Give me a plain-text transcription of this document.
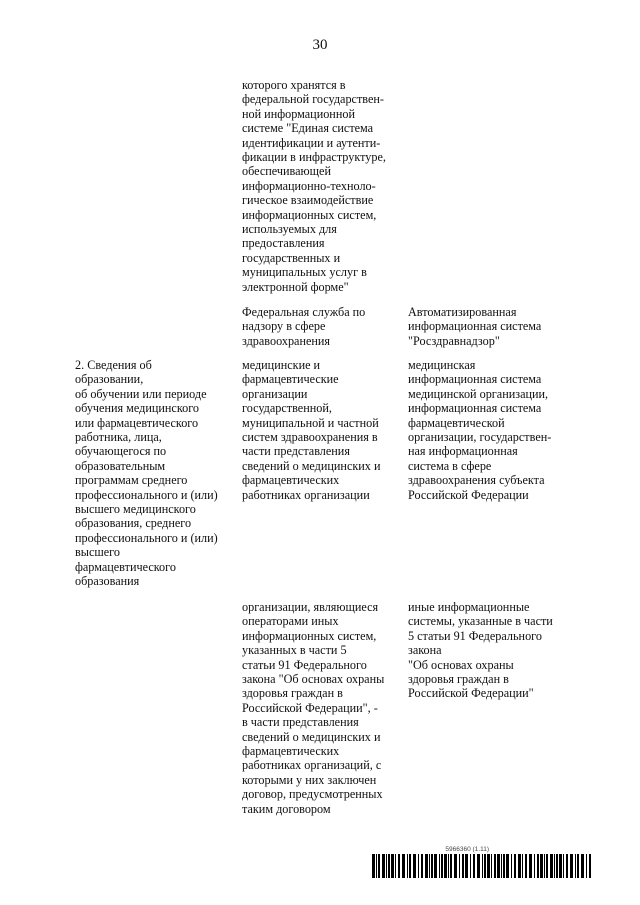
30
которого хранятся в
федеральной государствен-
ной информационной
системе "Единая система
идентификации и аутенти-
фикации в инфраструктуре,
обеспечивающей
информационно-техноло-
гическое взаимодействие
информационных систем,
используемых для
предоставления
государственных и
муниципальных услуг в
электронной форме"
Федеральная служба по
надзору в сфере
здравоохранения
Автоматизированная
информационная система
"Росздравнадзор"
2. Сведения об
образовании,
об обучении или периоде
обучения медицинского
или фармацевтического
работника, лица,
обучающегося по
образовательным
программам среднего
профессионального и (или)
высшего медицинского
образования, среднего
профессионального и (или)
высшего
фармацевтического
образования
медицинские и
фармацевтические
организации
государственной,
муниципальной и частной
систем здравоохранения в
части представления
сведений о медицинских и
фармацевтических
работниках организации
медицинская
информационная система
медицинской организации,
информационная система
фармацевтической
организации, государствен-
ная информационная
система в сфере
здравоохранения субъекта
Российской Федерации
организации, являющиеся
операторами иных
информационных систем,
указанных в части 5
статьи 91 Федерального
закона "Об основах охраны
здоровья граждан в
Российской Федерации", -
в части представления
сведений о медицинских и
фармацевтических
работниках организаций, с
которыми у них заключен
договор, предусмотренных
таким договором
иные информационные
системы, указанные в части
5 статьи 91 Федерального
закона
"Об основах охраны
здоровья граждан в
Российской Федерации"
5966360 (1.11)
